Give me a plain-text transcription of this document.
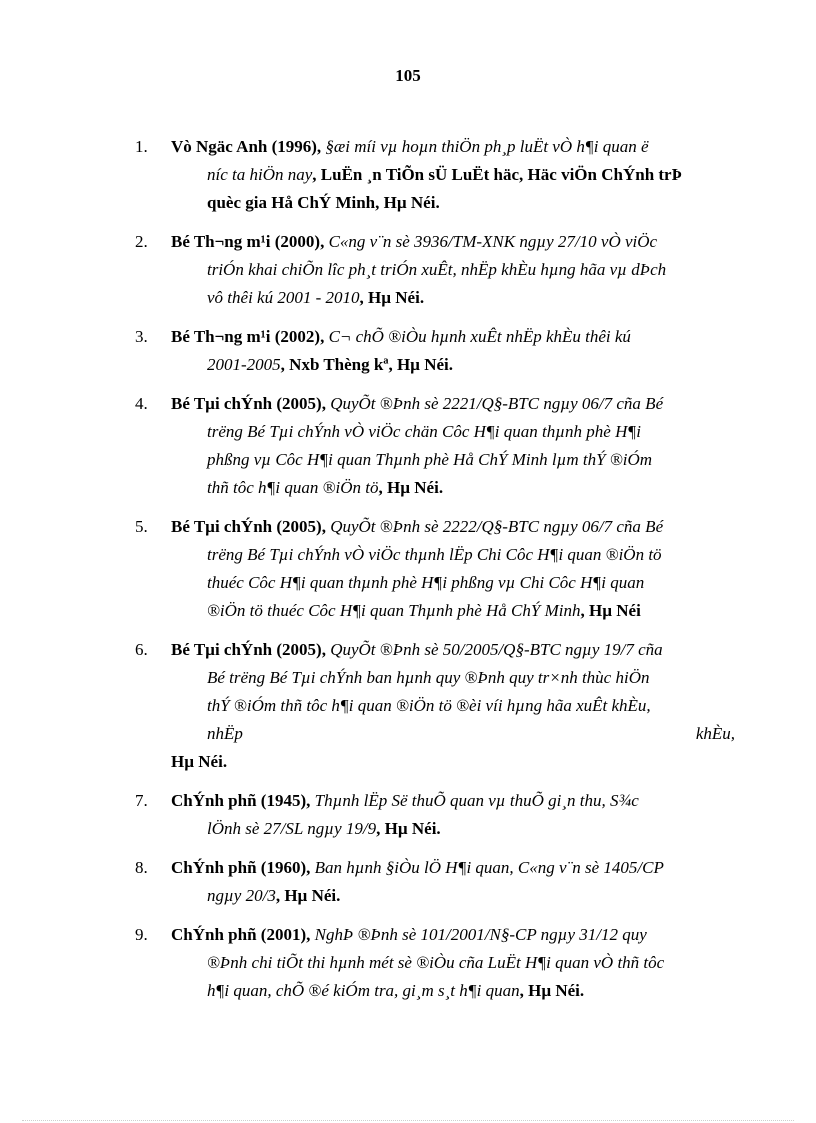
105
1. Vò Ngäc Anh (1996), §æi míi vµ hoµn thiÖn ph¸p luËt vÒ h¶i quan ë
níc ta hiÖn nay, LuËn ¸n TiÕn sÜ LuËt häc, Häc viÖn ChÝnh trÞ
quèc gia Hå ChÝ Minh, Hµ Néi.
2. Bé Th¬ng m¹i (2000), C«ng v¨n sè 3936/TM-XNK ngµy 27/10 vÒ viÖc
triÓn khai chiÕn lîc ph¸t triÓn xuÊt, nhËp khÈu hµng hãa vµ dÞch
vô thêi kú 2001 - 2010, Hµ Néi.
3. Bé Th¬ng m¹i (2002), C¬ chÕ ®iÒu hµnh xuÊt nhËp khÈu thêi kú
2001-2005, Nxb Thèng kª, Hµ Néi.
4. Bé Tµi chÝnh (2005), QuyÕt ®Þnh sè 2221/Q§-BTC ngµy 06/7 cña Bé
trëng Bé Tµi chÝnh vÒ viÖc chän Côc H¶i quan thµnh phè H¶i
phßng vµ Côc H¶i quan Thµnh phè Hå ChÝ Minh lµm thÝ ®iÓm
thñ tôc h¶i quan ®iÖn tö, Hµ Néi.
5. Bé Tµi chÝnh (2005), QuyÕt ®Þnh sè 2222/Q§-BTC ngµy 06/7 cña Bé
trëng Bé Tµi chÝnh vÒ viÖc thµnh lËp Chi Côc H¶i quan ®iÖn tö
thuéc Côc H¶i quan thµnh phè H¶i phßng vµ Chi Côc H¶i quan
®iÖn tö thuéc Côc H¶i quan Thµnh phè Hå ChÝ Minh, Hµ Néi
6. Bé Tµi chÝnh (2005), QuyÕt ®Þnh sè 50/2005/Q§-BTC ngµy 19/7 cña
Bé trëng Bé Tµi chÝnh ban hµnh quy ®Þnh quy tr×nh thùc hiÖn
thÝ ®iÓm thñ tôc h¶i quan ®iÖn tö ®èi víi hµng hãa xuÊt khÈu,
nhËp	khÈu,
Hµ Néi.
7. ChÝnh phñ (1945), Thµnh lËp Së thuÕ quan vµ thuÕ gi¸n thu, S¾c
lÖnh sè 27/SL ngµy 19/9, Hµ Néi.
8. ChÝnh phñ (1960), Ban hµnh §iÒu lÖ H¶i quan, C«ng v¨n sè 1405/CP
ngµy 20/3, Hµ Néi.
9. ChÝnh phñ (2001), NghÞ ®Þnh sè 101/2001/N§-CP ngµy 31/12 quy
®Þnh chi tiÕt thi hµnh mét sè ®iÒu cña LuËt H¶i quan vÒ thñ tôc
h¶i quan, chÕ ®é kiÓm tra, gi¸m s¸t h¶i quan, Hµ Néi.
